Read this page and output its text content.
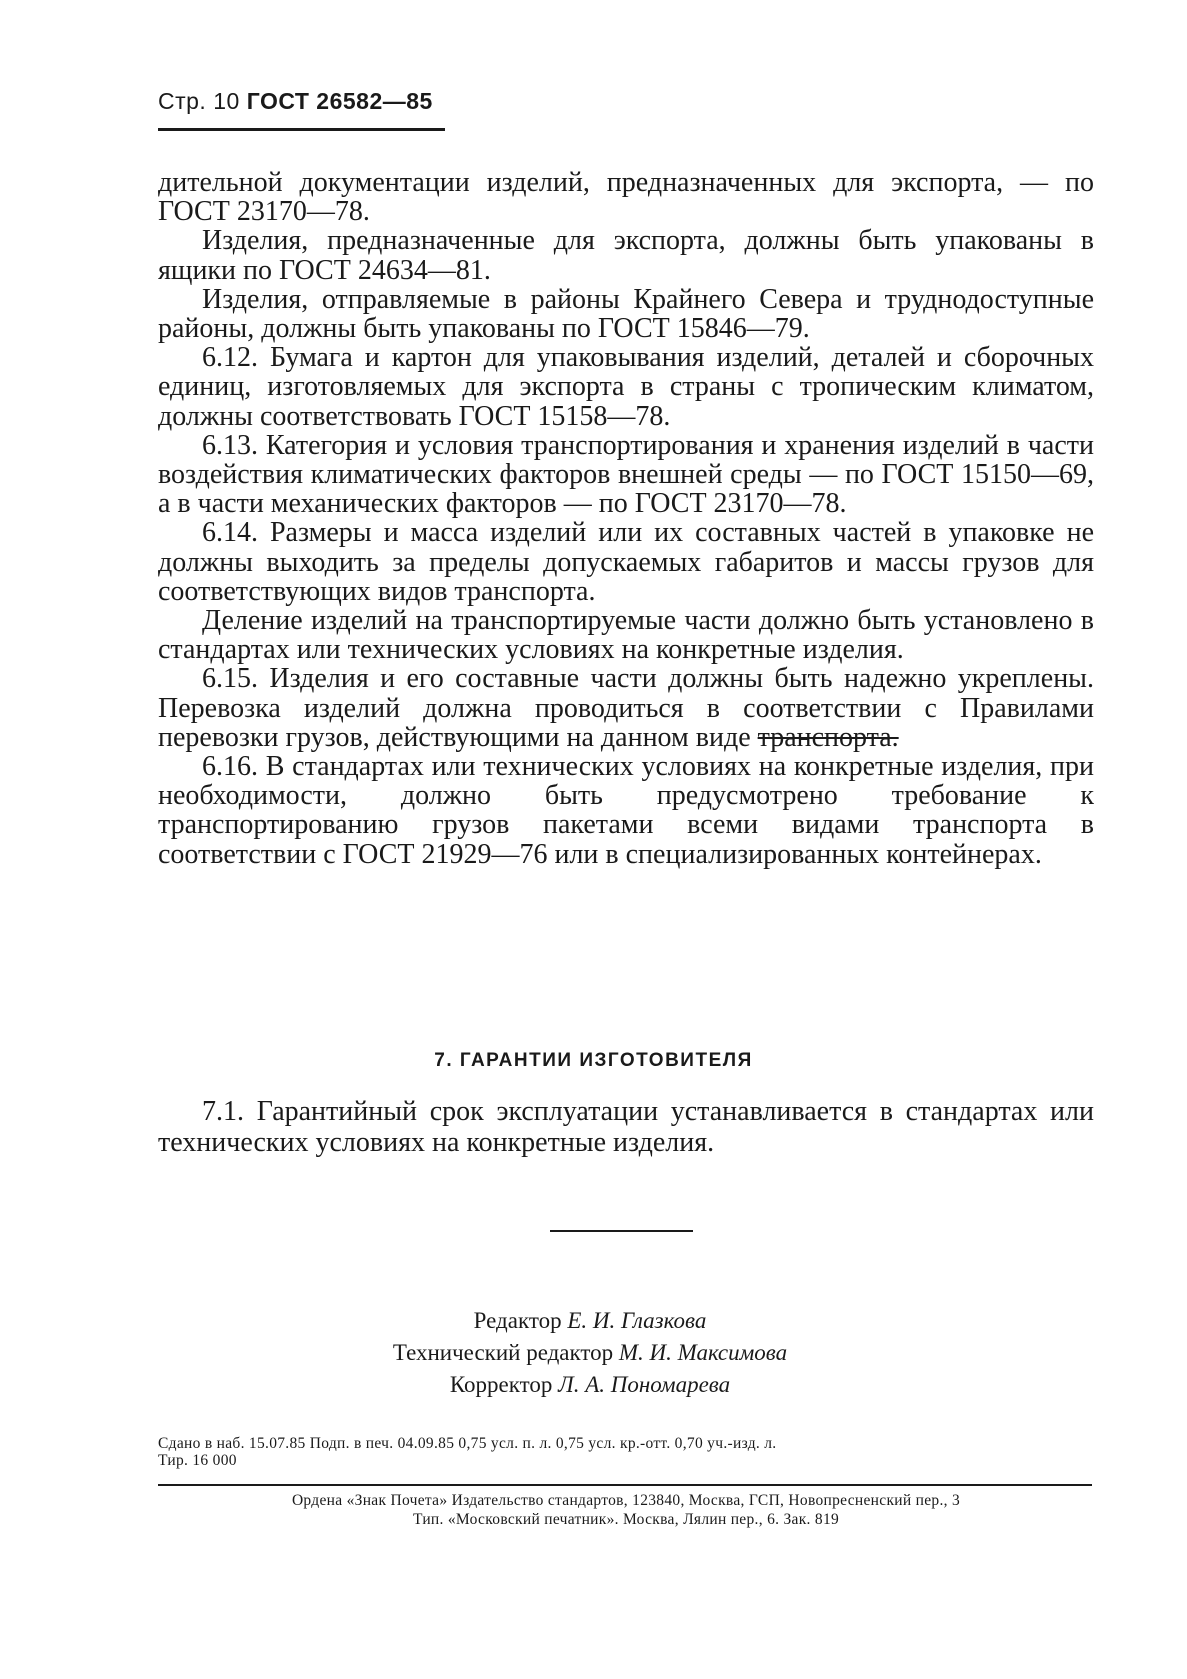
Стр. 10 ГОСТ 26582—85

дительной документации изделий, предназначенных для экспорта, — по ГОСТ 23170—78.

Изделия, предназначенные для экспорта, должны быть упакованы в ящики по ГОСТ 24634—81.

Изделия, отправляемые в районы Крайнего Севера и труднодоступные районы, должны быть упакованы по ГОСТ 15846—79.

6.12. Бумага и картон для упаковывания изделий, деталей и сборочных единиц, изготовляемых для экспорта в страны с тропическим климатом, должны соответствовать ГОСТ 15158—78.

6.13. Категория и условия транспортирования и хранения изделий в части воздействия климатических факторов внешней среды — по ГОСТ 15150—69, а в части механических факторов — по ГОСТ 23170—78.

6.14. Размеры и масса изделий или их составных частей в упаковке не должны выходить за пределы допускаемых габаритов и массы грузов для соответствующих видов транспорта.

Деление изделий на транспортируемые части должно быть установлено в стандартах или технических условиях на конкретные изделия.

6.15. Изделия и его составные части должны быть надежно укреплены. Перевозка изделий должна проводиться в соответствии с Правилами перевозки грузов, действующими на данном виде транспорта.

6.16. В стандартах или технических условиях на конкретные изделия, при необходимости, должно быть предусмотрено требование к транспортированию грузов пакетами всеми видами транспорта в соответствии с ГОСТ 21929—76 или в специализированных контейнерах.

7. ГАРАНТИИ ИЗГОТОВИТЕЛЯ

7.1. Гарантийный срок эксплуатации устанавливается в стандартах или технических условиях на конкретные изделия.

Редактор Е. И. Глазкова
Технический редактор М. И. Максимова
Корректор Л. А. Пономарева
Сдано в наб. 15.07.85 Подп. в печ. 04.09.85 0,75 усл. п. л. 0,75 усл. кр.-отт. 0,70 уч.-изд. л.
Тир. 16 000
Ордена «Знак Почета» Издательство стандартов, 123840, Москва, ГСП, Новопресненский пер., 3
Тип. «Московский печатник». Москва, Лялин пер., 6. Зак. 819
